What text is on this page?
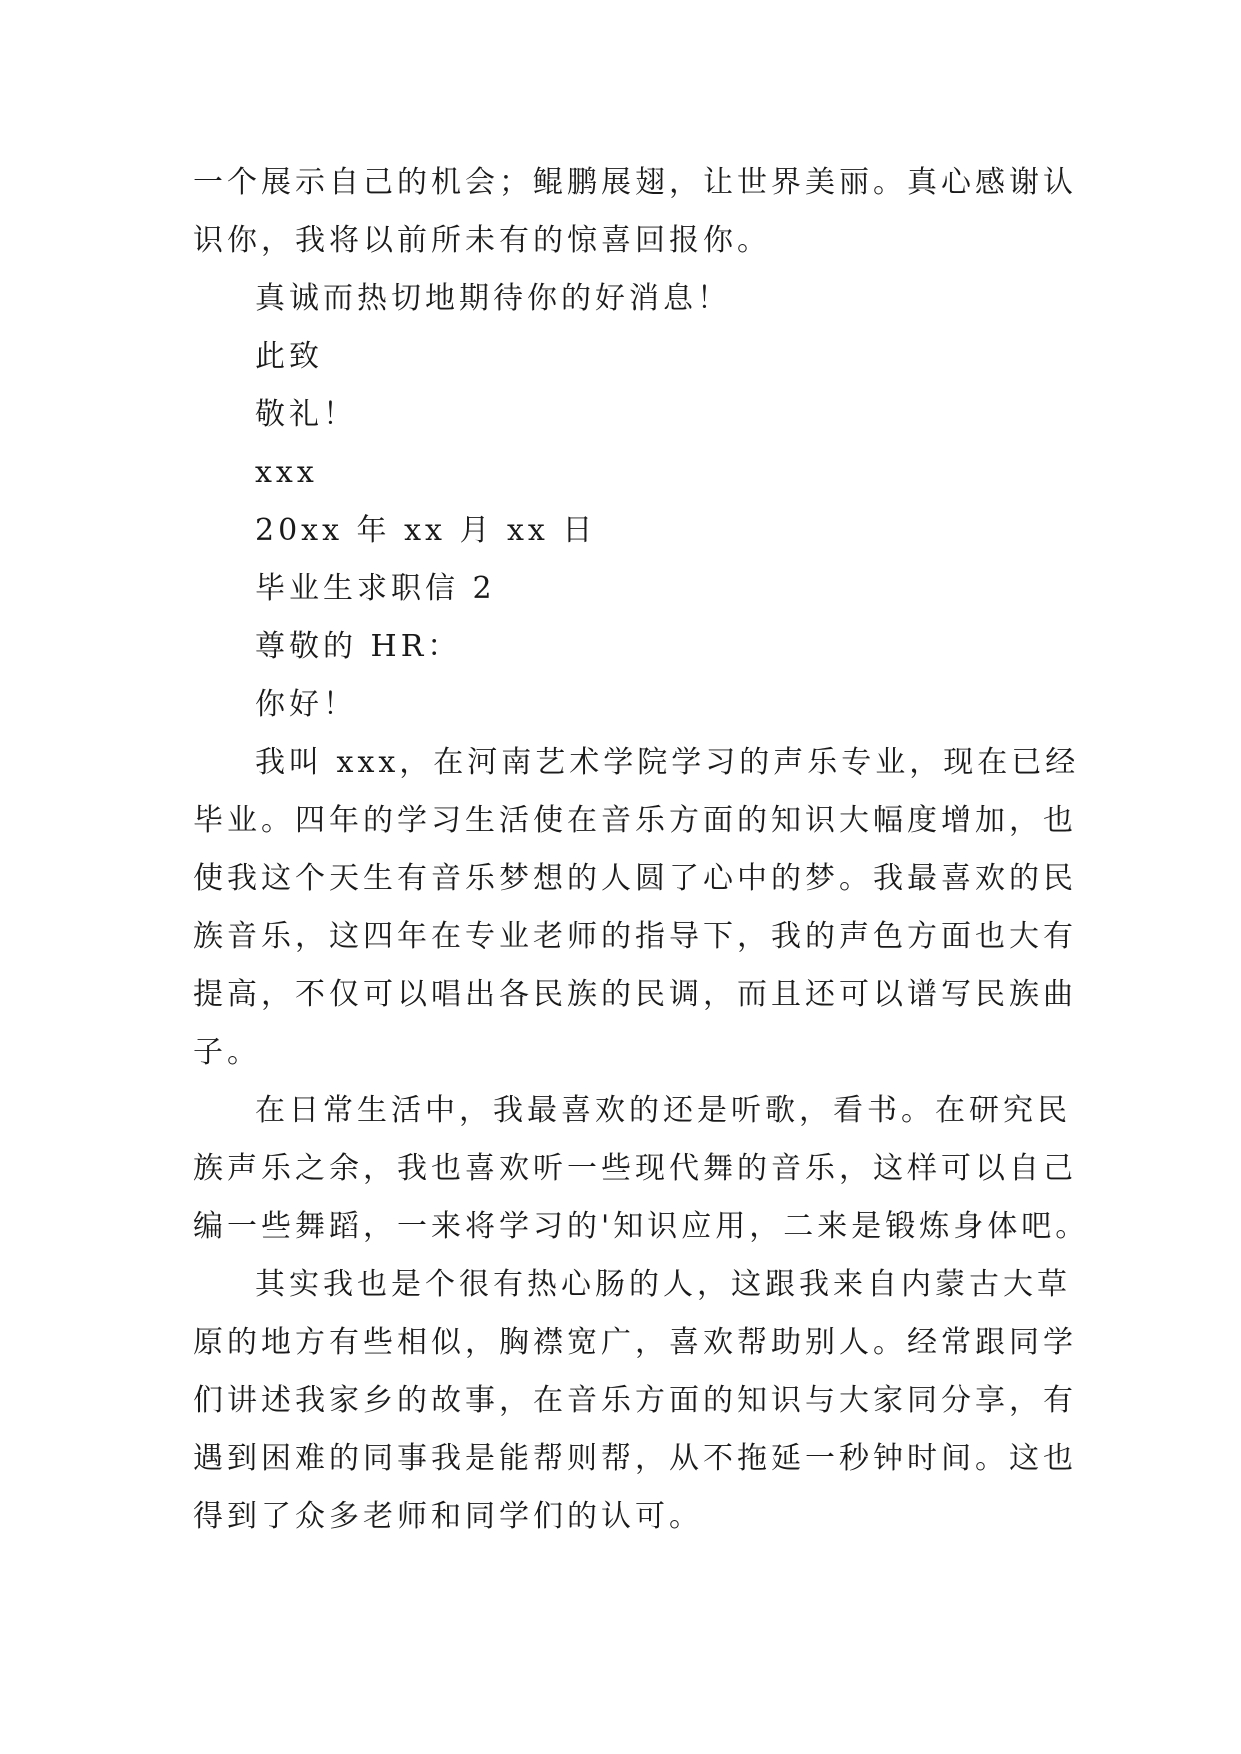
一个展示自己的机会；鲲鹏展翅，让世界美丽。真心感谢认

识你，我将以前所未有的惊喜回报你。

真诚而热切地期待你的好消息！

此致

敬礼！

xxx

20xx 年 xx 月 xx 日

毕业生求职信 2

尊敬的 HR：

你好！

我叫 xxx，在河南艺术学院学习的声乐专业，现在已经

毕业。四年的学习生活使在音乐方面的知识大幅度增加，也

使我这个天生有音乐梦想的人圆了心中的梦。我最喜欢的民

族音乐，这四年在专业老师的指导下，我的声色方面也大有

提高，不仅可以唱出各民族的民调，而且还可以谱写民族曲

子。

在日常生活中，我最喜欢的还是听歌，看书。在研究民

族声乐之余，我也喜欢听一些现代舞的音乐，这样可以自己

编一些舞蹈，一来将学习的'知识应用，二来是锻炼身体吧。

其实我也是个很有热心肠的人，这跟我来自内蒙古大草

原的地方有些相似，胸襟宽广，喜欢帮助别人。经常跟同学

们讲述我家乡的故事，在音乐方面的知识与大家同分享，有

遇到困难的同事我是能帮则帮，从不拖延一秒钟时间。这也

得到了众多老师和同学们的认可。
